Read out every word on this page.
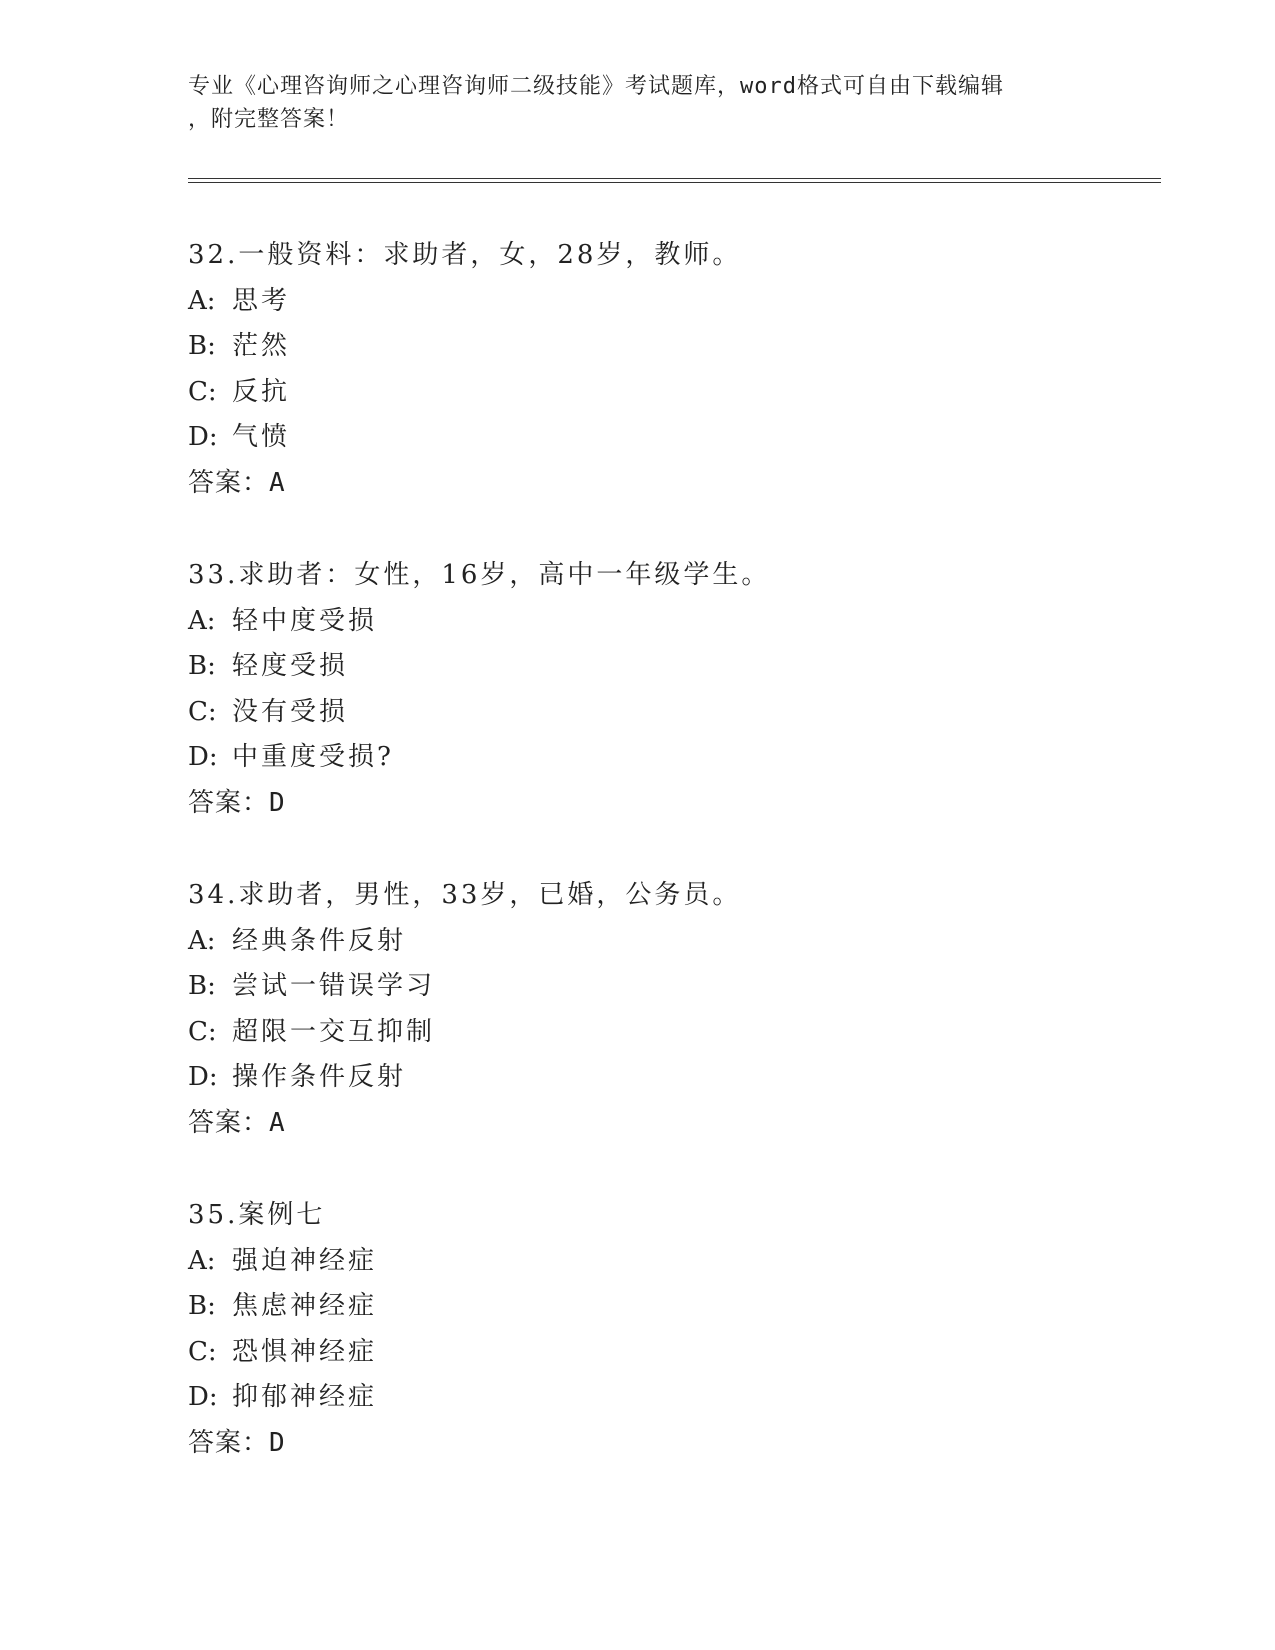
专业《心理咨询师之心理咨询师二级技能》考试题库，word格式可自由下载编辑
，附完整答案！
32.一般资料：求助者，女，28岁，教师。
A: 思考
B: 茫然
C: 反抗
D: 气愤
答案：A
33.求助者：女性，16岁，高中一年级学生。
A: 轻中度受损
B: 轻度受损
C: 没有受损
D: 中重度受损?
答案：D
34.求助者，男性，33岁，已婚，公务员。
A: 经典条件反射
B: 尝试一错误学习
C: 超限一交互抑制
D: 操作条件反射
答案：A
35.案例七
A: 强迫神经症
B: 焦虑神经症
C: 恐惧神经症
D: 抑郁神经症
答案：D
